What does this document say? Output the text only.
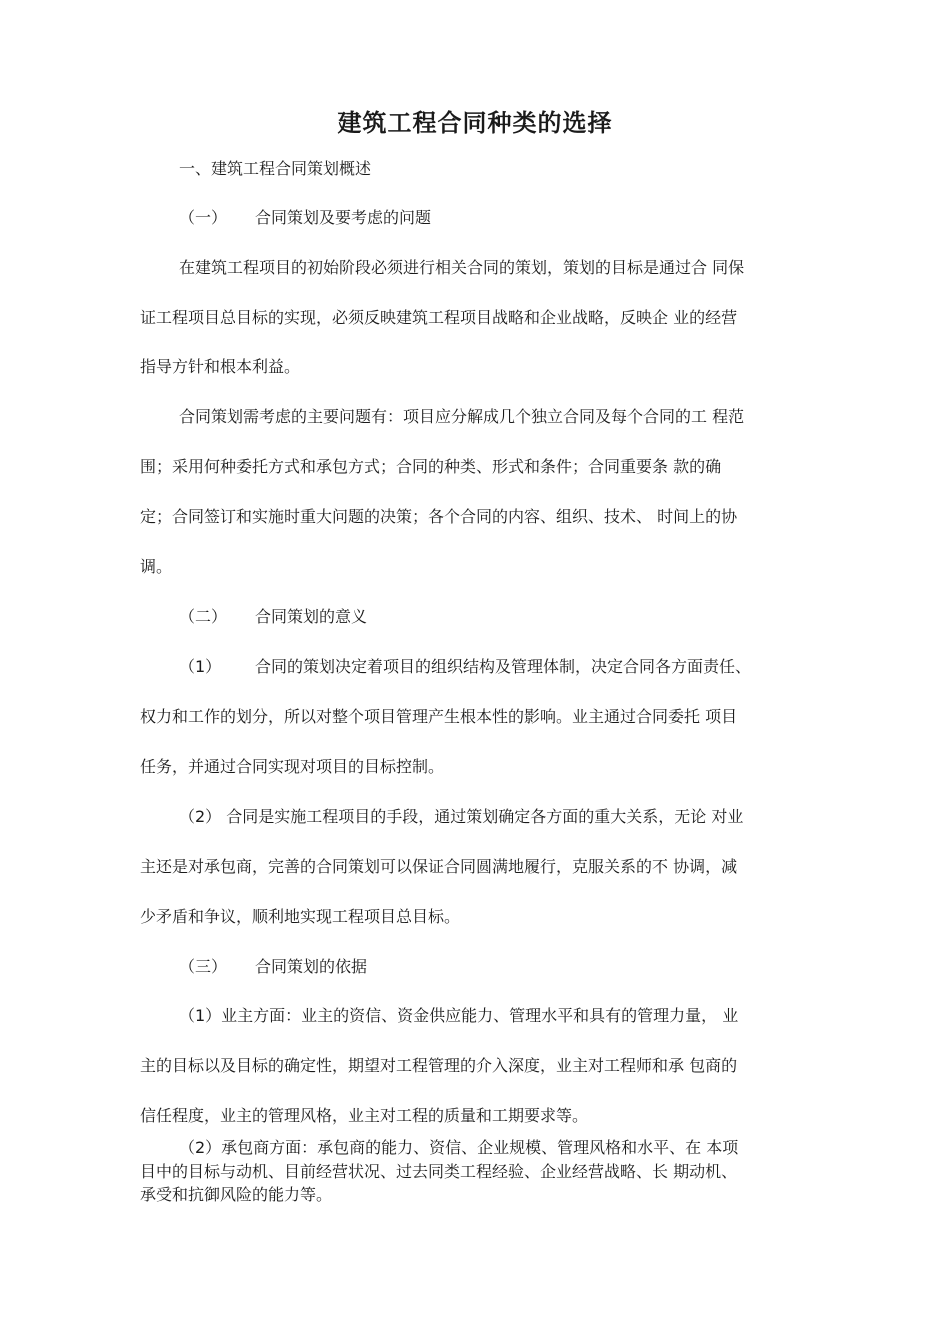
建筑工程合同种类的选择
一、建筑工程合同策划概述
（一） 合同策划及要考虑的问题
在建筑工程项目的初始阶段必须进行相关合同的策划，策划的目标是通过合 同保
证工程项目总目标的实现，必须反映建筑工程项目战略和企业战略，反映企 业的经营
指导方针和根本利益。
合同策划需考虑的主要问题有：项目应分解成几个独立合同及每个合同的工 程范
围；采用何种委托方式和承包方式；合同的种类、形式和条件；合同重要条 款的确
定；合同签订和实施时重大问题的决策；各个合同的内容、组织、技术、 时间上的协
调。
（二） 合同策划的意义
（1） 合同的策划决定着项目的组织结构及管理体制，决定合同各方面责任、
权力和工作的划分，所以对整个项目管理产生根本性的影响。业主通过合同委托 项目
任务，并通过合同实现对项目的目标控制。
（2） 合同是实施工程项目的手段，通过策划确定各方面的重大关系，无论 对业
主还是对承包商，完善的合同策划可以保证合同圆满地履行，克服关系的不 协调，减
少矛盾和争议，顺利地实现工程项目总目标。
（三） 合同策划的依据
（1）业主方面：业主的资信、资金供应能力、管理水平和具有的管理力量， 业
主的目标以及目标的确定性，期望对工程管理的介入深度，业主对工程师和承 包商的
信任程度，业主的管理风格，业主对工程的质量和工期要求等。
（2）承包商方面：承包商的能力、资信、企业规模、管理风格和水平、在 本项
目中的目标与动机、目前经营状况、过去同类工程经验、企业经营战略、长 期动机、
承受和抗御风险的能力等。
